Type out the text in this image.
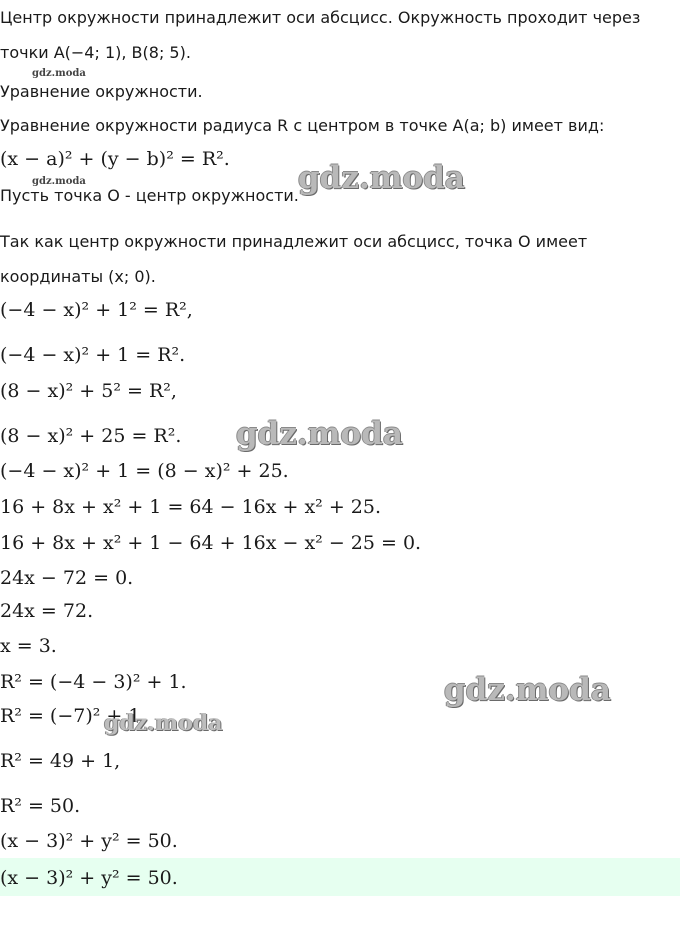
Центр окружности принадлежит оси абсцисс. Окружность проходит через
точки A(−4; 1), B(8; 5).
Уравнение окружности.
Уравнение окружности радиуса R с центром в точке A(a; b) имеет вид:
(x − a)² + (y − b)² = R².
Пусть точка O - центр окружности.
Так как центр окружности принадлежит оси абсцисс, точка O имеет
координаты (x; 0).
(−4 − x)² + 1² = R²,
(−4 − x)² + 1 = R².
(8 − x)² + 5² = R²,
(8 − x)² + 25 = R².
(−4 − x)² + 1 = (8 − x)² + 25.
16 + 8x + x² + 1 = 64 − 16x + x² + 25.
16 + 8x + x² + 1 − 64 + 16x − x² − 25 = 0.
24x − 72 = 0.
24x = 72.
x = 3.
R² = (−4 − 3)² + 1.
R² = (−7)² + 1,
R² = 49 + 1,
R² = 50.
(x − 3)² + y² = 50.
(x − 3)² + y² = 50.
gdz.moda
gdz.moda	gdz.moda
gdz.moda
gdz.moda
gdz.moda
